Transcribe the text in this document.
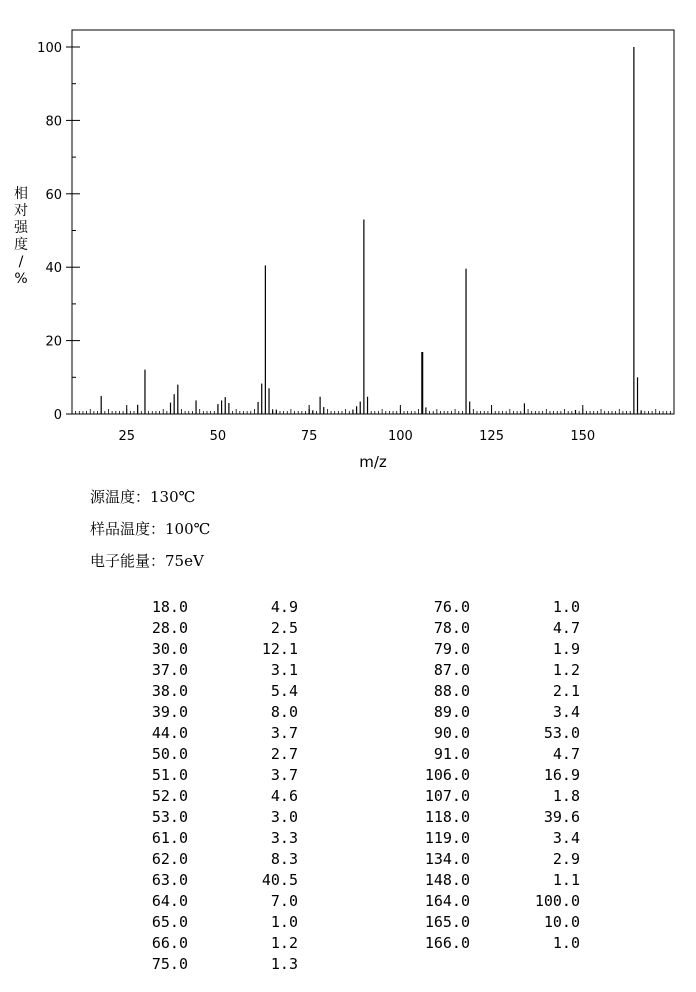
25	50	75	100	125	150
0
20
40
60
80
100
m/z
相
对
强
度
/
%
源温度：130℃
样品温度：100℃
电子能量：75eV
18.0	4.9
28.0	2.5
30.0	12.1
37.0	3.1
38.0	5.4
39.0	8.0
44.0	3.7
50.0	2.7
51.0	3.7
52.0	4.6
53.0	3.0
61.0	3.3
62.0	8.3
63.0	40.5
64.0	7.0
65.0	1.0
66.0	1.2
75.0	1.3
76.0	1.0
78.0	4.7
79.0	1.9
87.0	1.2
88.0	2.1
89.0	3.4
90.0	53.0
91.0	4.7
106.0	16.9
107.0	1.8
118.0	39.6
119.0	3.4
134.0	2.9
148.0	1.1
164.0	100.0
165.0	10.0
166.0	1.0
